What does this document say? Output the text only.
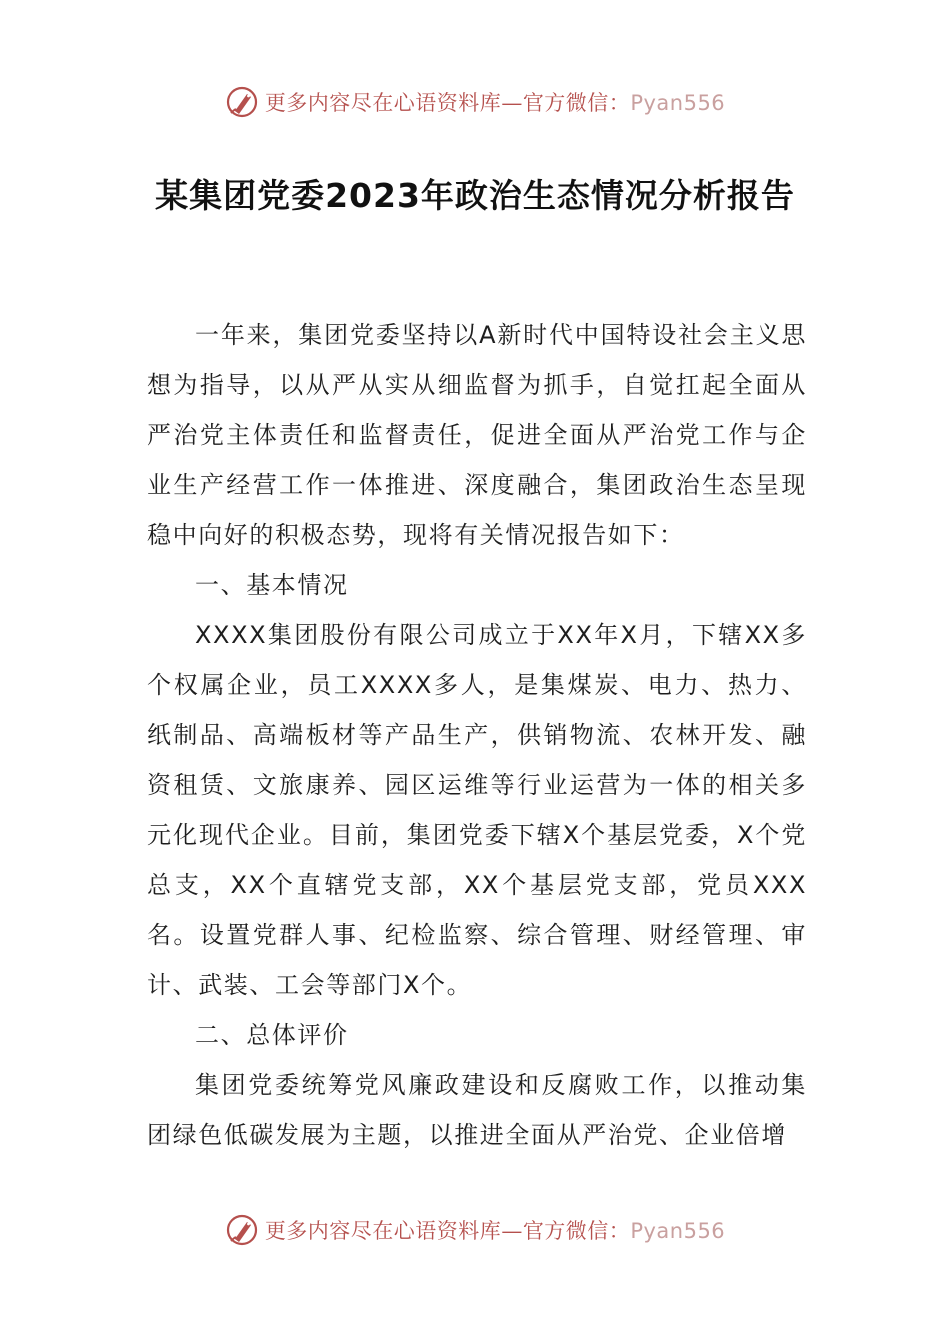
更多内容尽在心语资料库—官方微信：Pyan556
某集团党委2023年政治生态情况分析报告

一年来，集团党委坚持以A新时代中国特设社会主义思想为指导，以从严从实从细监督为抓手，自觉扛起全面从严治党主体责任和监督责任，促进全面从严治党工作与企业生产经营工作一体推进、深度融合，集团政治生态呈现稳中向好的积极态势，现将有关情况报告如下：

一、基本情况

XXXX集团股份有限公司成立于XX年X月，下辖XX多个权属企业，员工XXXX多人，是集煤炭、电力、热力、纸制品、高端板材等产品生产，供销物流、农林开发、融资租赁、文旅康养、园区运维等行业运营为一体的相关多元化现代企业。目前，集团党委下辖X个基层党委，X个党总支，XX个直辖党支部，XX个基层党支部，党员XXX名。设置党群人事、纪检监察、综合管理、财经管理、审计、武装、工会等部门X个。

二、总体评价

集团党委统筹党风廉政建设和反腐败工作，以推动集团绿色低碳发展为主题，以推进全面从严治党、企业倍增

更多内容尽在心语资料库—官方微信：Pyan556
